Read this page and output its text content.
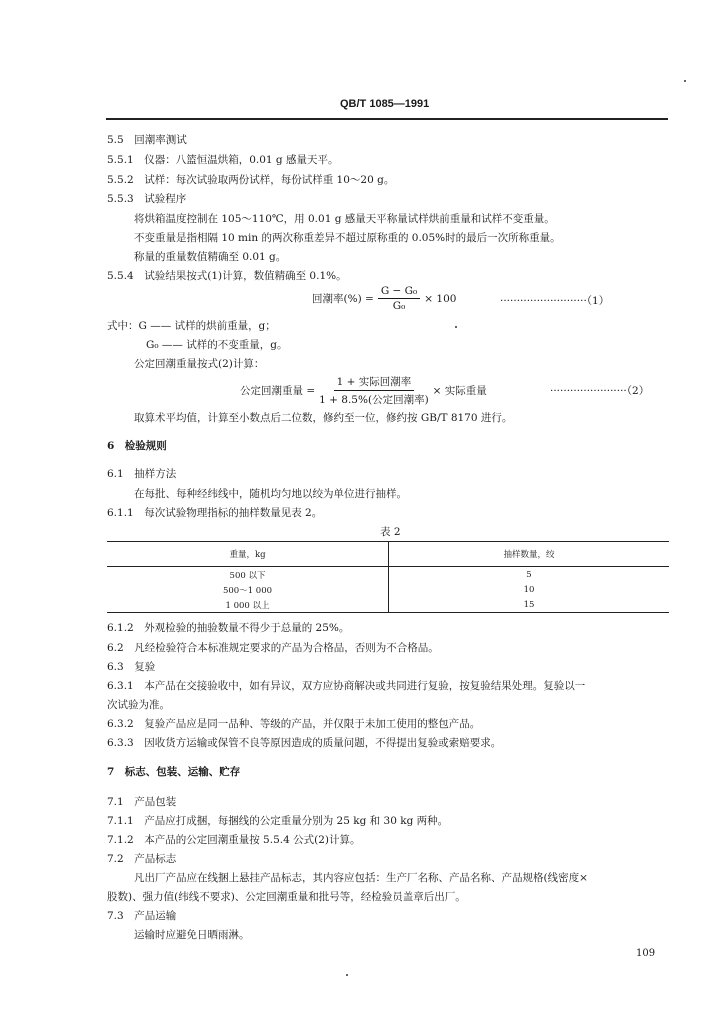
QB/T 1085—1991
5.5　回潮率测试
5.5.1　仪器：八篮恒温烘箱，0.01 g 感量天平。
5.5.2　试样：每次试验取两份试样，每份试样重 10～20 g。
5.5.3　试验程序
将烘箱温度控制在 105～110℃，用 0.01 g 感量天平称量试样烘前重量和试样不变重量。
不变重量是指相隔 10 min 的两次称重差异不超过原称重的 0.05%时的最后一次所称重量。
称量的重量数值精确至 0.01 g。
5.5.4　试验结果按式(1)计算，数值精确至 0.1%。
回潮率(%) = $\frac{\text{G − G₀}}{\text{G₀}} \times 100$	··························（1）
式中：G —— 试样的烘前重量，g；
G₀ —— 试样的不变重量，g。
公定回潮重量按式(2)计算：
公定回潮重量 = $\frac{\text{1 + 实际回潮率}}{\text{1 + 8.5\%(公定回潮率)}}$ × 实际重量	·······················（2）
取算术平均值，计算至小数点后二位数，修约至一位，修约按 GB/T 8170 进行。
6　检验规则
6.1　抽样方法
在每批、每种经纬线中，随机均匀地以绞为单位进行抽样。
6.1.1　每次试验物理指标的抽样数量见表 2。
表 2
重量，kg	抽样数量，绞
500 以下	5
500～1 000	10
1 000 以上	15
6.1.2　外观检验的抽验数量不得少于总量的 25%。
6.2　凡经检验符合本标准规定要求的产品为合格品，否则为不合格品。
6.3　复验
6.3.1　本产品在交接验收中，如有异议，双方应协商解决或共同进行复验，按复验结果处理。复验以一
次试验为准。
6.3.2　复验产品应是同一品种、等级的产品，并仅限于未加工使用的整包产品。
6.3.3　因收货方运输或保管不良等原因造成的质量问题，不得提出复验或索赔要求。
7　标志、包装、运输、贮存
7.1　产品包装
7.1.1　产品应打成捆，每捆线的公定重量分别为 25 kg 和 30 kg 两种。
7.1.2　本产品的公定回潮重量按 5.5.4 公式(2)计算。
7.2　产品标志
凡出厂产品应在线捆上悬挂产品标志，其内容应包括：生产厂名称、产品名称、产品规格(线密度×
股数)、强力值(纬线不要求)、公定回潮重量和批号等，经检验员盖章后出厂。
7.3　产品运输
运输时应避免日晒雨淋。
109
